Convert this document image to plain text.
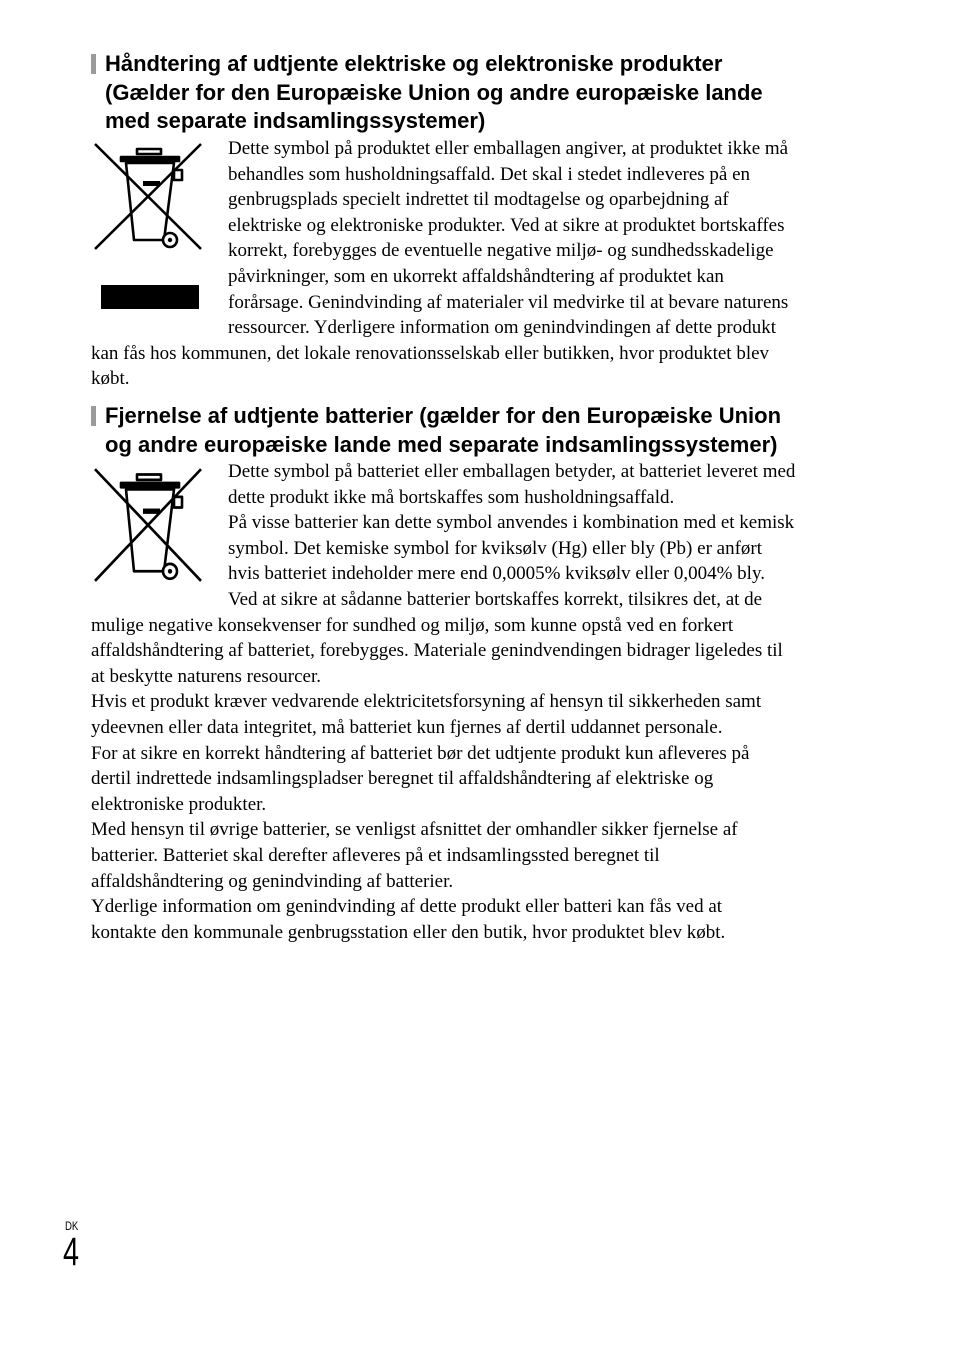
Håndtering af udtjente elektriske og elektroniske produkter
(Gælder for den Europæiske Union og andre europæiske lande
med separate indsamlingssystemer)
Dette symbol på produktet eller emballagen angiver, at produktet ikke må
behandles som husholdningsaffald. Det skal i stedet indleveres på en
genbrugsplads specielt indrettet til modtagelse og oparbejdning af
elektriske og elektroniske produkter. Ved at sikre at produktet bortskaffes
korrekt, forebygges de eventuelle negative miljø- og sundhedsskadelige
påvirkninger, som en ukorrekt affaldshåndtering af produktet kan
forårsage. Genindvinding af materialer vil medvirke til at bevare naturens
ressourcer. Yderligere information om genindvindingen af dette produkt
kan fås hos kommunen, det lokale renovationsselskab eller butikken, hvor produktet blev
købt.
Fjernelse af udtjente batterier (gælder for den Europæiske Union
og andre europæiske lande med separate indsamlingssystemer)
Dette symbol på batteriet eller emballagen betyder, at batteriet leveret med
dette produkt ikke må bortskaffes som husholdningsaffald.
På visse batterier kan dette symbol anvendes i kombination med et kemisk
symbol. Det kemiske symbol for kviksølv (Hg) eller bly (Pb) er anført
hvis batteriet indeholder mere end 0,0005% kviksølv eller 0,004% bly.
Ved at sikre at sådanne batterier bortskaffes korrekt, tilsikres det, at de
mulige negative konsekvenser for sundhed og miljø, som kunne opstå ved en forkert
affaldshåndtering af batteriet, forebygges. Materiale genindvendingen bidrager ligeledes til
at beskytte naturens resourcer.
Hvis et produkt kræver vedvarende elektricitetsforsyning af hensyn til sikkerheden samt
ydeevnen eller data integritet, må batteriet kun fjernes af dertil uddannet personale.
For at sikre en korrekt håndtering af batteriet bør det udtjente produkt kun afleveres på
dertil indrettede indsamlingspladser beregnet til affaldshåndtering af elektriske og
elektroniske produkter.
Med hensyn til øvrige batterier, se venligst afsnittet der omhandler sikker fjernelse af
batterier. Batteriet skal derefter afleveres på et indsamlingssted beregnet til
affaldshåndtering og genindvinding af batterier.
Yderlige information om genindvinding af dette produkt eller batteri kan fås ved at
kontakte den kommunale genbrugsstation eller den butik, hvor produktet blev købt.
DK
4
